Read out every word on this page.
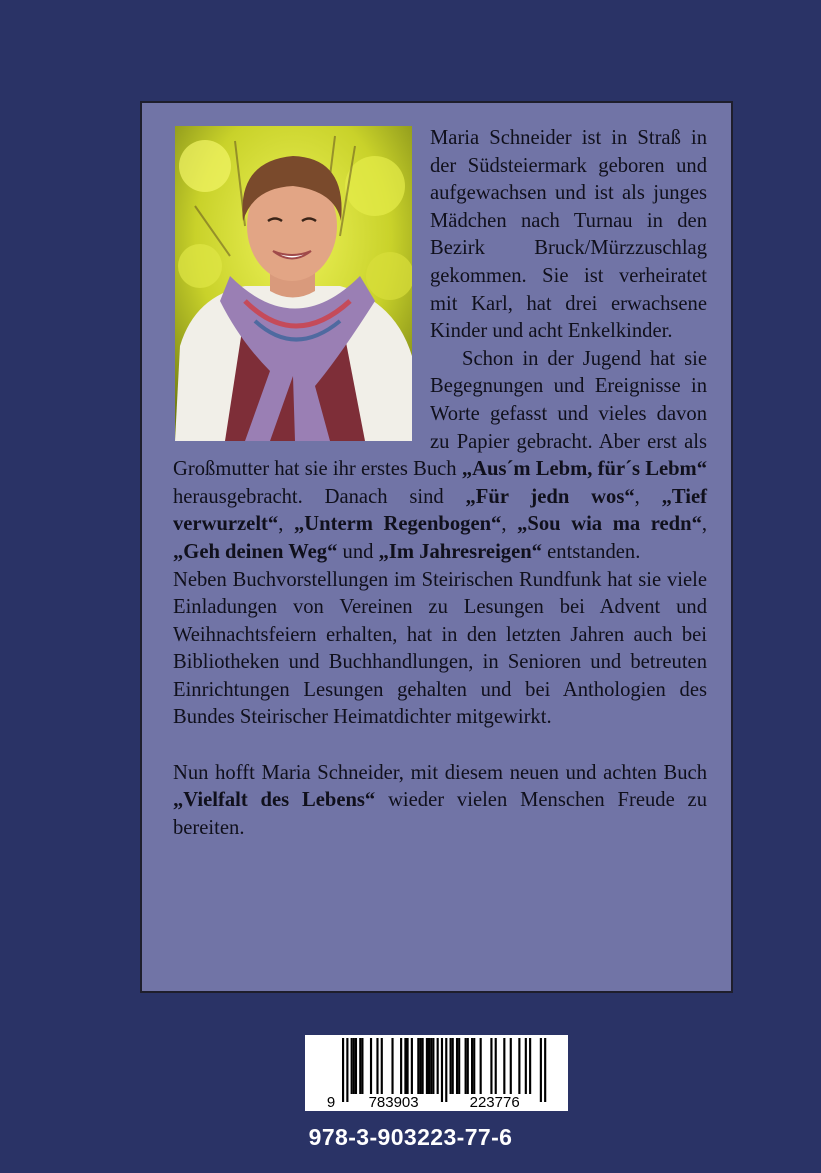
Maria Schneider ist in Straß in der Südsteiermark geboren und aufgewachsen und ist als junges Mädchen nach Turnau in den Bezirk Bruck/Mürzzuschlag gekommen. Sie ist verheiratet mit Karl, hat drei erwachsene Kinder und acht Enkelkinder.

Schon in der Jugend hat sie Begegnungen und Ereignisse in Worte gefasst und vieles davon zu Papier gebracht. Aber erst als Großmutter hat sie ihr erstes Buch „Aus´m Lebm, für´s Lebm“ herausgebracht. Danach sind „Für jedn wos“, „Tief verwurzelt“, „Unterm Regenbogen“, „Sou wia ma redn“, „Geh deinen Weg“ und „Im Jahresreigen“ entstanden.

Neben Buchvorstellungen im Steirischen Rundfunk hat sie viele Einladungen von Vereinen zu Lesungen bei Advent und Weihnachtsfeiern erhalten, hat in den letzten Jahren auch bei Bibliotheken und Buchhandlungen, in Senioren und betreuten Einrichtungen Lesungen gehalten und bei Anthologien des Bundes Steirischer Heimatdichter mitgewirkt.

Nun hofft Maria Schneider, mit diesem neuen und achten Buch „Vielfalt des Lebens“ wieder vielen Menschen Freude zu bereiten.

9 783903	223776
978-3-903223-77-6
